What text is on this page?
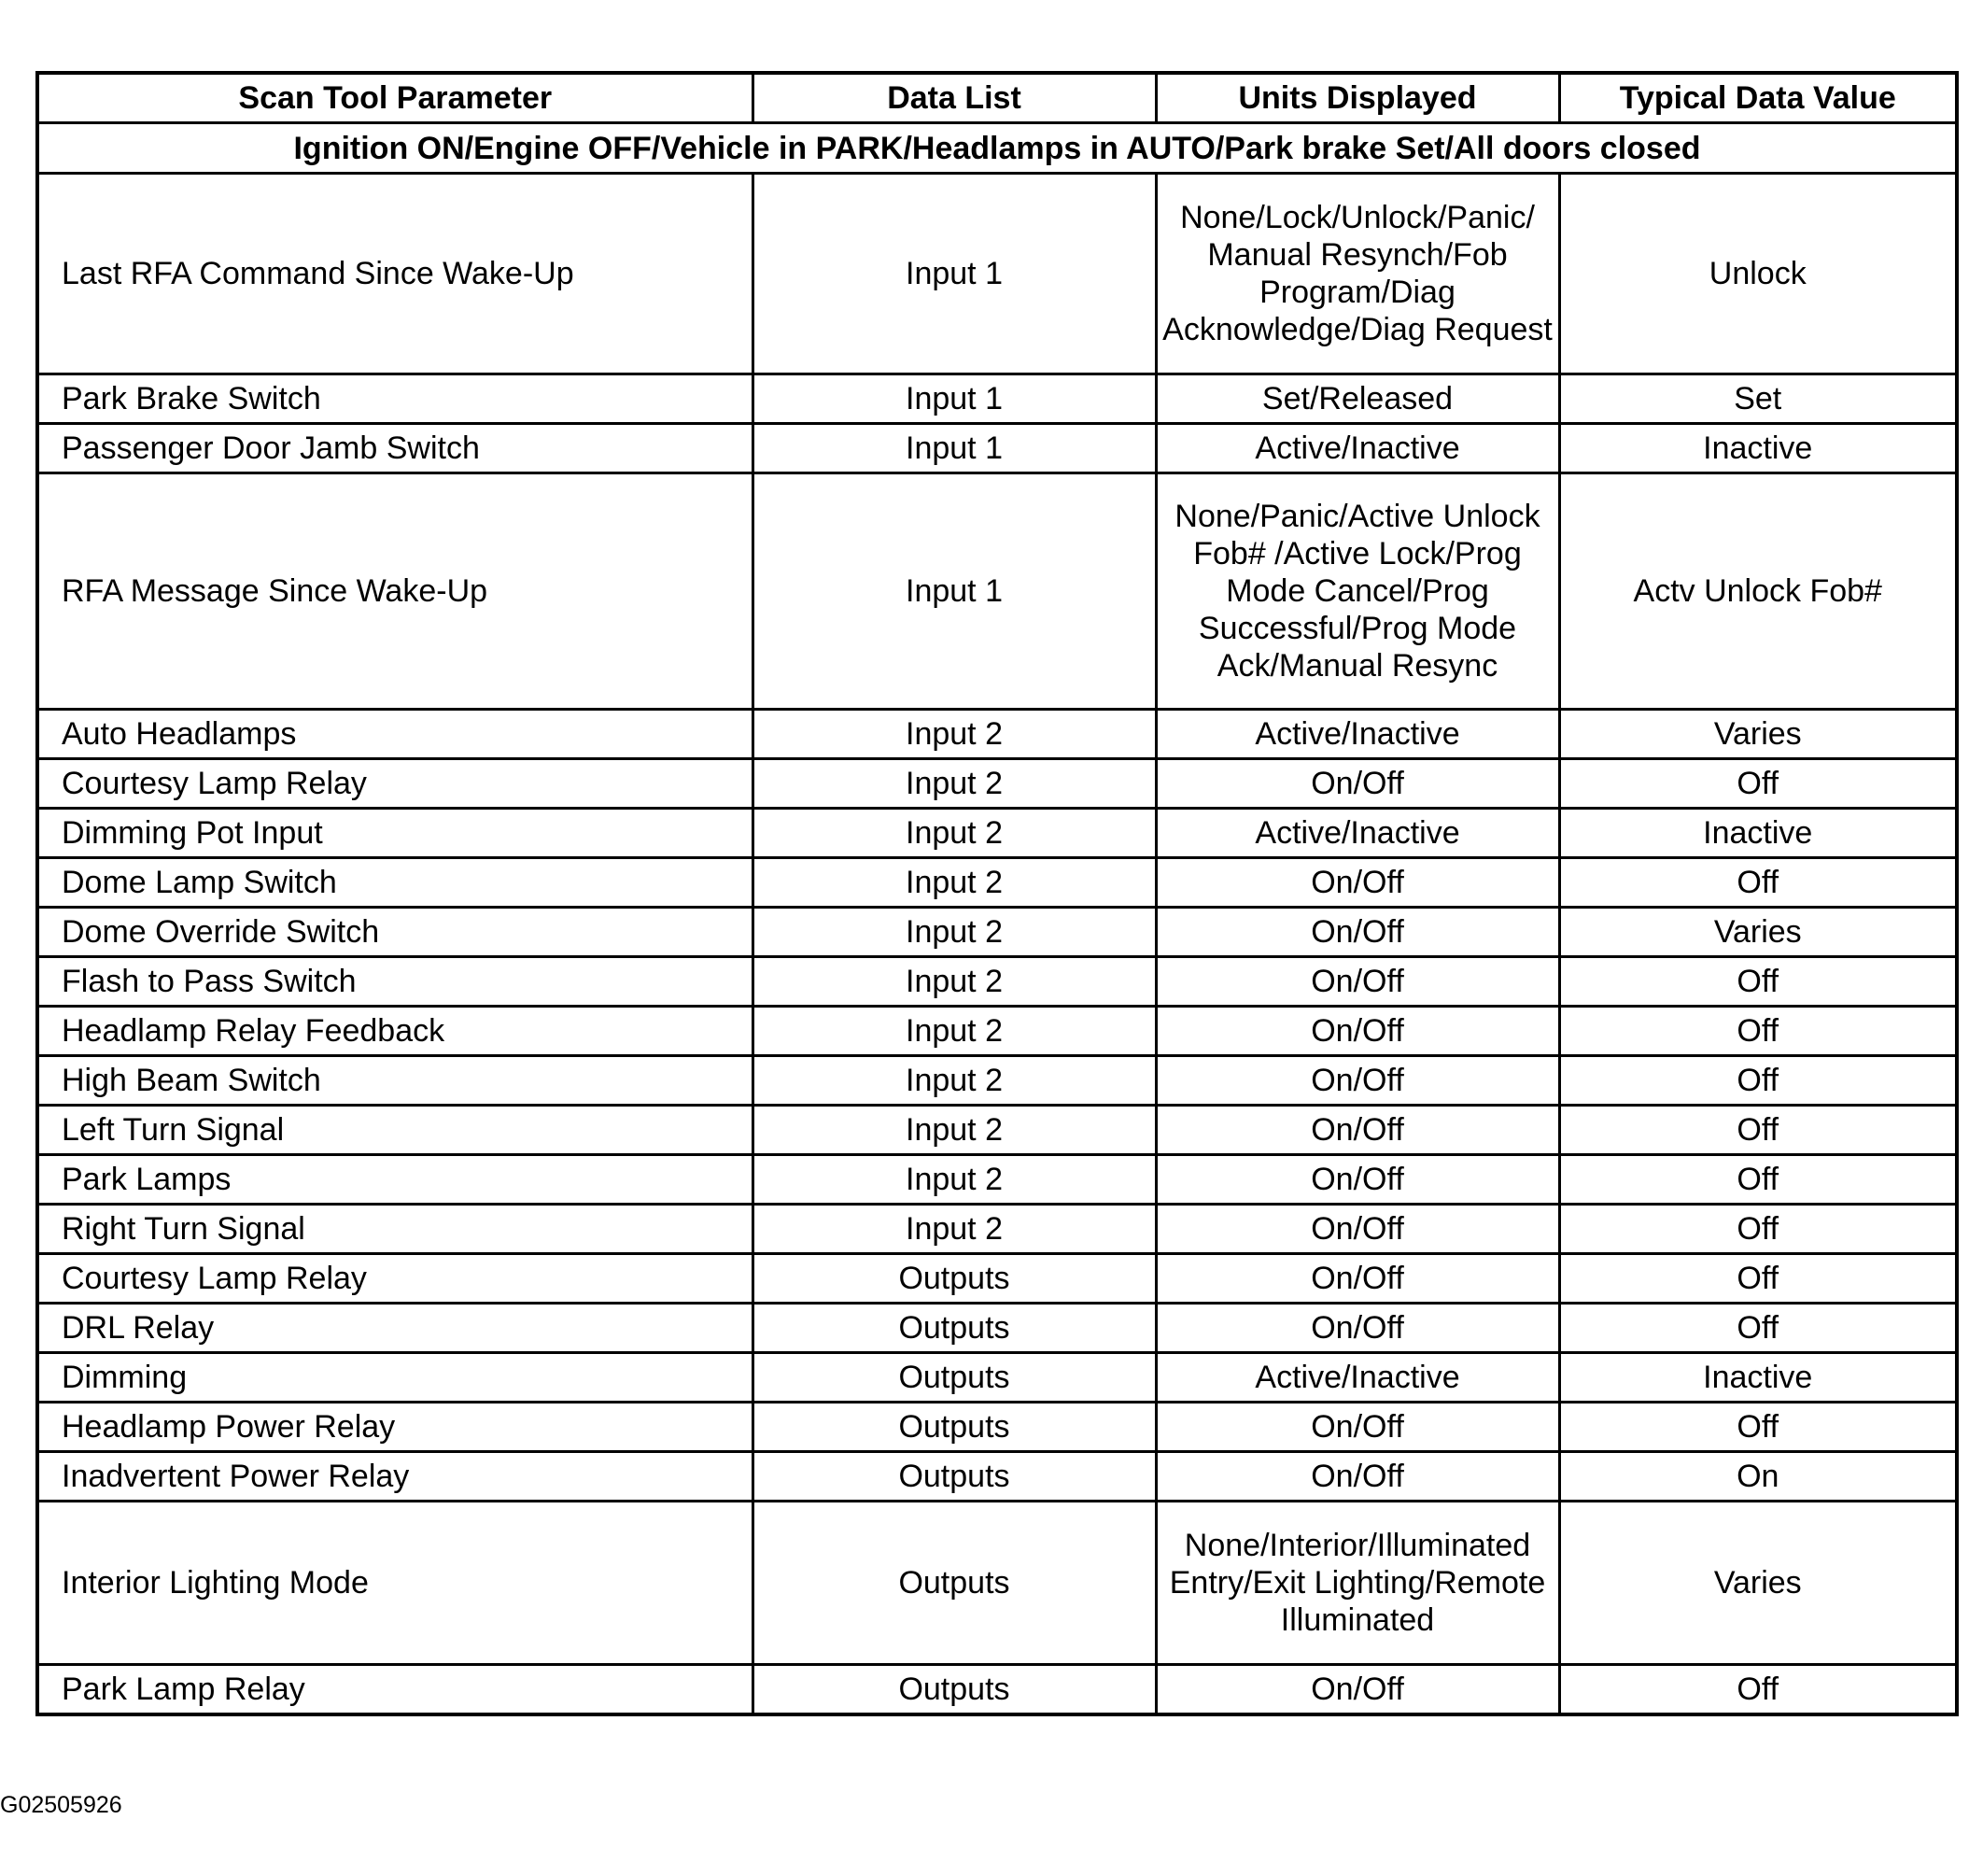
Scan Tool Parameter	Data List	Units Displayed	Typical Data Value
Ignition ON/Engine OFF/Vehicle in PARK/Headlamps in AUTO/Park brake Set/All doors closed			
Last RFA Command Since Wake-Up	Input 1	None/Lock/Unlock/Panic/ Manual Resynch/Fob Program/Diag Acknowledge/Diag Request	Unlock
Park Brake Switch	Input 1	Set/Released	Set
Passenger Door Jamb Switch	Input 1	Active/Inactive	Inactive
RFA Message Since Wake-Up	Input 1	None/Panic/Active Unlock Fob# /Active Lock/Prog Mode Cancel/Prog Successful/Prog Mode Ack/Manual Resync	Actv Unlock Fob#
Auto Headlamps	Input 2	Active/Inactive	Varies
Courtesy Lamp Relay	Input 2	On/Off	Off
Dimming Pot Input	Input 2	Active/Inactive	Inactive
Dome Lamp Switch	Input 2	On/Off	Off
Dome Override Switch	Input 2	On/Off	Varies
Flash to Pass Switch	Input 2	On/Off	Off
Headlamp Relay Feedback	Input 2	On/Off	Off
High Beam Switch	Input 2	On/Off	Off
Left Turn Signal	Input 2	On/Off	Off
Park Lamps	Input 2	On/Off	Off
Right Turn Signal	Input 2	On/Off	Off
Courtesy Lamp Relay	Outputs	On/Off	Off
DRL Relay	Outputs	On/Off	Off
Dimming	Outputs	Active/Inactive	Inactive
Headlamp Power Relay	Outputs	On/Off	Off
Inadvertent Power Relay	Outputs	On/Off	On
Interior Lighting Mode	Outputs	None/Interior/Illuminated Entry/Exit Lighting/Remote Illuminated	Varies
Park Lamp Relay	Outputs	On/Off	Off
G02505926
